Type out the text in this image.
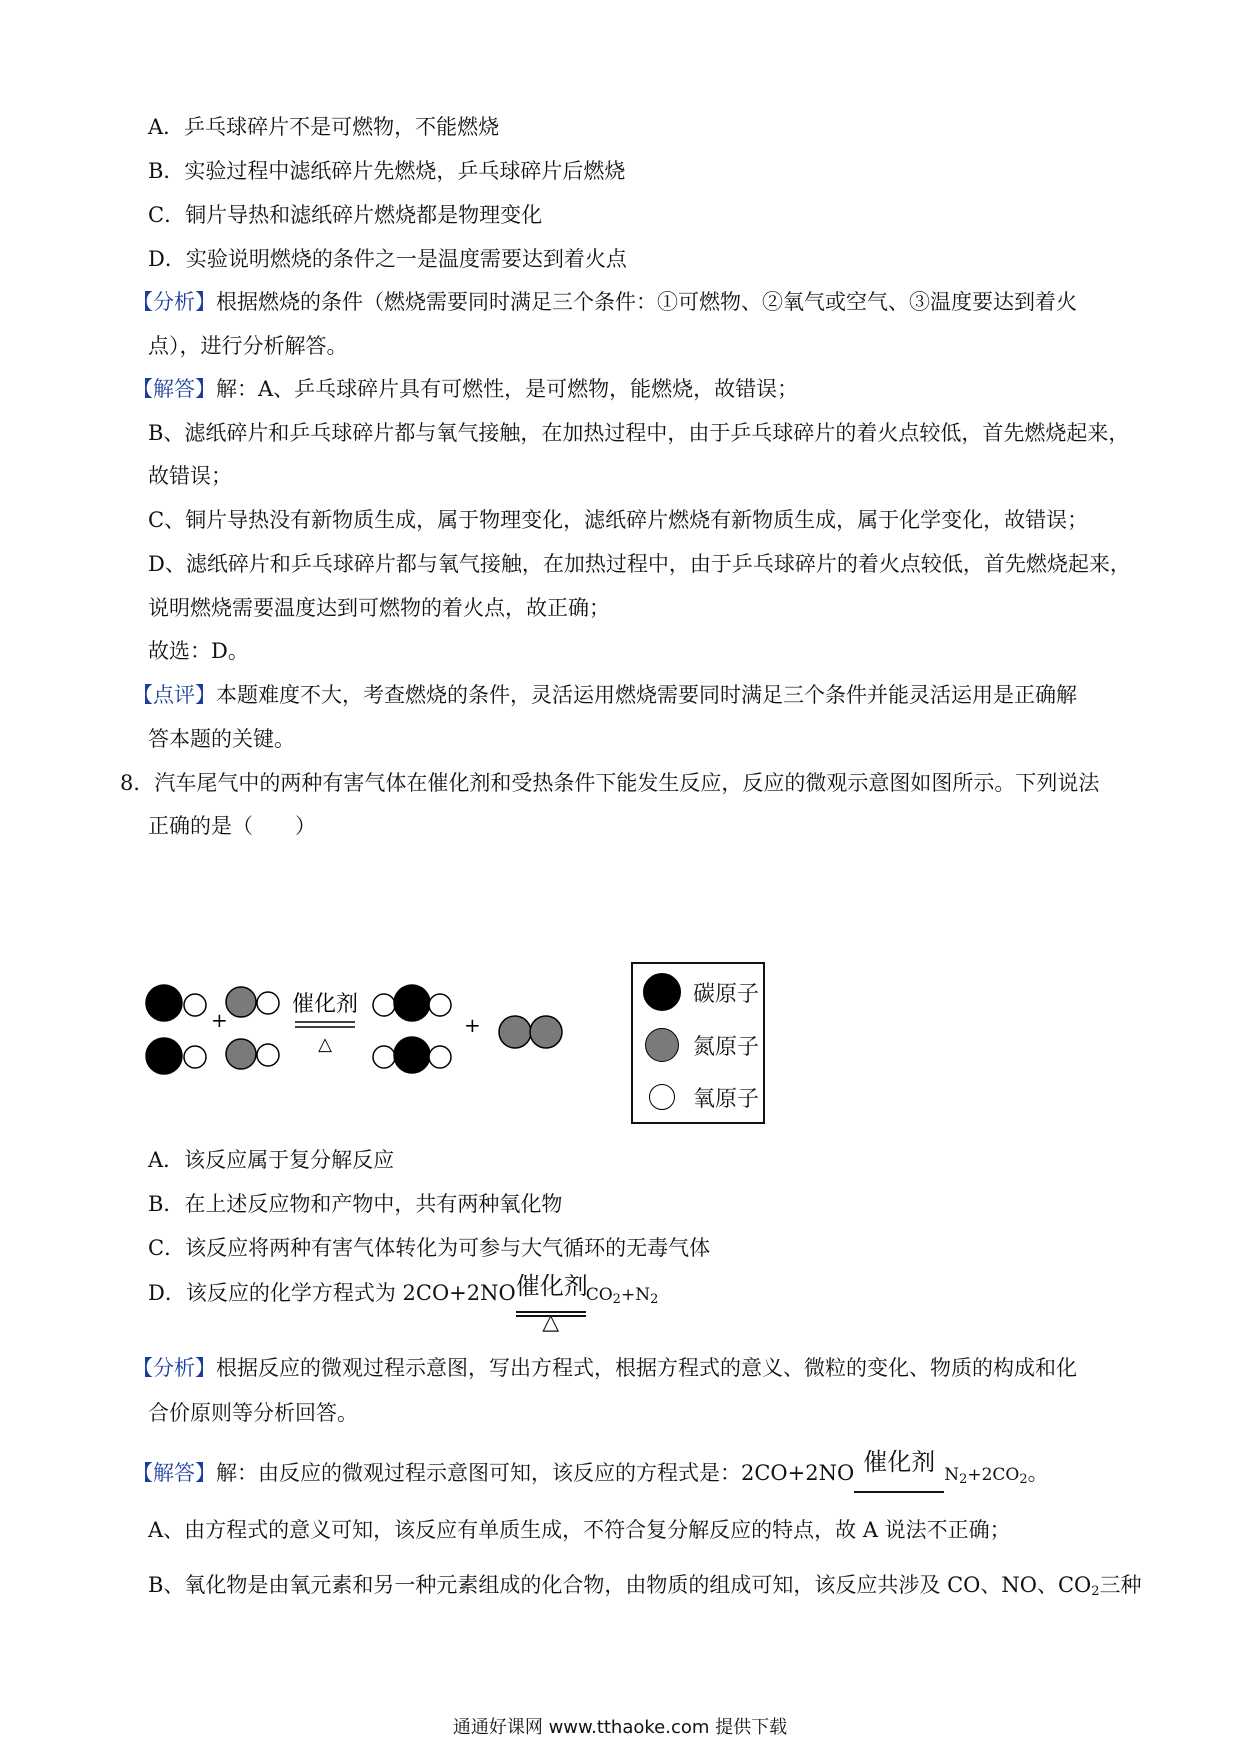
A．乒乓球碎片不是可燃物，不能燃烧
B．实验过程中滤纸碎片先燃烧，乒乓球碎片后燃烧
C．铜片导热和滤纸碎片燃烧都是物理变化
D．实验说明燃烧的条件之一是温度需要达到着火点
【分析】根据燃烧的条件（燃烧需要同时满足三个条件：①可燃物、②氧气或空气、③温度要达到着火
点），进行分析解答。
【解答】解：A、乒乓球碎片具有可燃性，是可燃物，能燃烧，故错误；
B、滤纸碎片和乒乓球碎片都与氧气接触，在加热过程中，由于乒乓球碎片的着火点较低，首先燃烧起来，
故错误；
C、铜片导热没有新物质生成，属于物理变化，滤纸碎片燃烧有新物质生成，属于化学变化，故错误；
D、滤纸碎片和乒乓球碎片都与氧气接触，在加热过程中，由于乒乓球碎片的着火点较低，首先燃烧起来，
说明燃烧需要温度达到可燃物的着火点，故正确；
故选：D。
【点评】本题难度不大，考查燃烧的条件，灵活运用燃烧需要同时满足三个条件并能灵活运用是正确解
答本题的关键。
8．汽车尾气中的两种有害气体在催化剂和受热条件下能发生反应，反应的微观示意图如图所示。下列说法
正确的是（　　）
+
催化剂
△
+
碳原子
氮原子
氧原子
A．该反应属于复分解反应
B．在上述反应物和产物中，共有两种氧化物
C．该反应将两种有害气体转化为可参与大气循环的无毒气体
D．该反应的化学方程式为 2CO+2NO 催化剂
△
$CO_2+N_2$
【分析】根据反应的微观过程示意图，写出方程式，根据方程式的意义、微粒的变化、物质的构成和化
合价原则等分析回答。
【解答】解：由反应的微观过程示意图可知，该反应的方程式是：2CO+2NO 催化剂 $N_2+2CO_2$。
A、由方程式的意义可知，该反应有单质生成，不符合复分解反应的特点，故 A 说法不正确；
B、氧化物是由氧元素和另一种元素组成的化合物，由物质的组成可知，该反应共涉及 CO、NO、$CO_2$三种
通通好课网 www.tthaoke.com 提供下载
